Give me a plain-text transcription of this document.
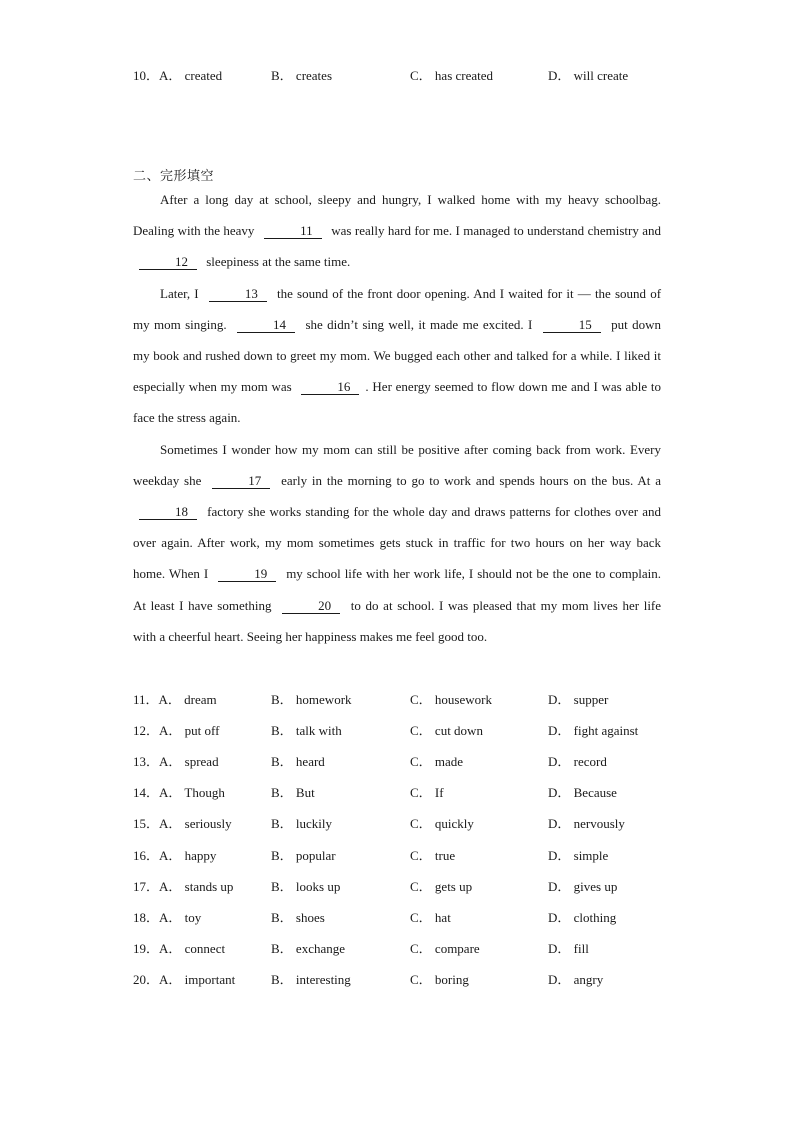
10．A． created	B． creates	C． has created	D． will create
二、完形填空

After a long day at school, sleepy and hungry, I walked home with my heavy schoolbag. Dealing with the heavy	11 was really hard for me. I managed to understand chemistry and 12 sleepiness at the same time.

Later, I	13 the sound of the front door opening. And I waited for it — the sound of my mom singing.	14 she didn’t sing well, it made me excited. I	15 put down my book and rushed down to greet my mom. We bugged each other and talked for a while. I liked it especially when my mom was	16 . Her energy seemed to flow down me and I was able to face the stress again.

Sometimes I wonder how my mom can still be positive after coming back from work. Every weekday she	17 early in the morning to go to work and spends hours on the bus. At a 18 factory she works standing for the whole day and draws patterns for clothes over and over again. After work, my mom sometimes gets stuck in traffic for two hours on her way back home. When I	19 my school life with her work life, I should not be the one to complain. At least I have something	20 to do at school. I was pleased that my mom lives her life with a cheerful heart. Seeing her happiness makes me feel good too.

11．A． dream	B． homework	C． housework	D． supper
12．A． put off	B． talk with	C． cut down	D． fight against
13．A． spread	B． heard	C． made	D． record
14．A． Though	B． But	C． If	D． Because
15．A． seriously	B． luckily	C． quickly	D． nervously
16．A． happy	B． popular	C． true	D． simple
17．A． stands up	B． looks up	C． gets up	D． gives up
18．A． toy	B． shoes	C． hat	D． clothing
19．A． connect	B． exchange	C． compare	D． fill
20．A． important	B． interesting	C． boring	D． angry
